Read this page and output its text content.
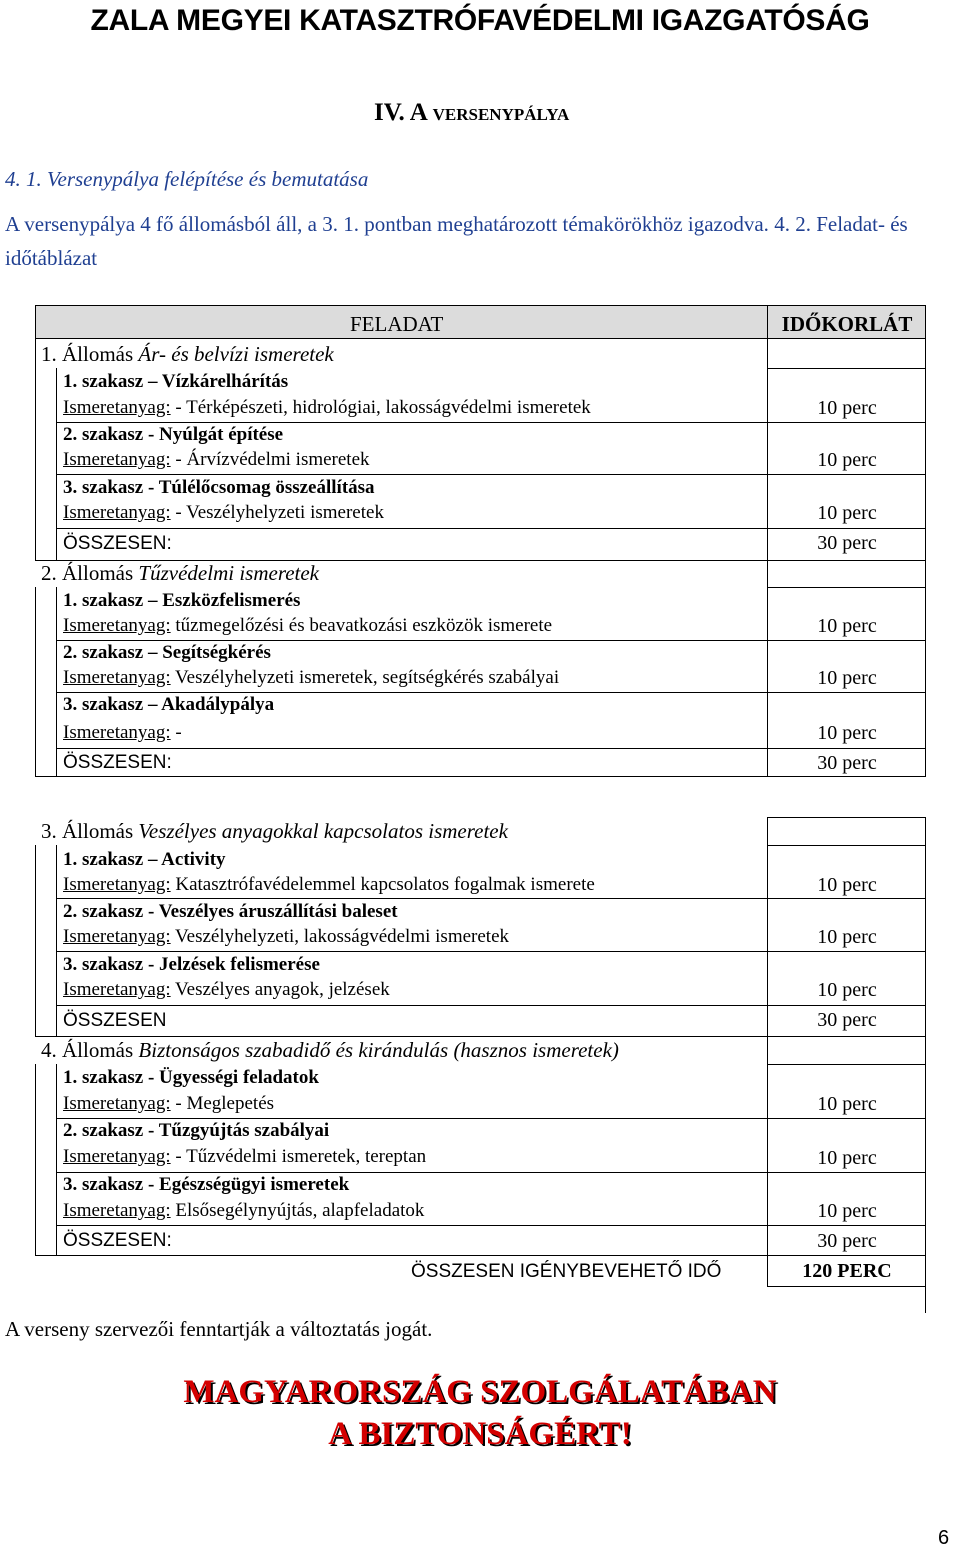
ZALA MEGYEI KATASZTRÓFAVÉDELMI IGAZGATÓSÁG
IV. A VERSENYPÁLYA
4. 1. Versenypálya felépítése és bemutatása
A versenypálya 4 fő állomásból áll, a 3. 1. pontban meghatározott témakörökhöz igazodva. 4. 2. Feladat- és időtáblázat
FELADAT	IDŐKORLÁT
1. Állomás Ár- és belvízi ismeretek
1. szakasz – Vízkárelhárítás
Ismeretanyag: - Térképészeti, hidrológiai, lakosságvédelmi ismeretek	10 perc
2. szakasz - Nyúlgát építése
Ismeretanyag: - Árvízvédelmi ismeretek	10 perc
3. szakasz - Túlélőcsomag összeállítása
Ismeretanyag: - Veszélyhelyzeti ismeretek	10 perc
ÖSSZESEN:	30 perc
2. Állomás Tűzvédelmi ismeretek
1. szakasz – Eszközfelismerés
Ismeretanyag: tűzmegelőzési és beavatkozási eszközök ismerete	10 perc
2. szakasz – Segítségkérés
Ismeretanyag: Veszélyhelyzeti ismeretek, segítségkérés szabályai	10 perc
3. szakasz – Akadálypálya
Ismeretanyag: -	10 perc
ÖSSZESEN:	30 perc
3. Állomás Veszélyes anyagokkal kapcsolatos ismeretek
1. szakasz – Activity
Ismeretanyag: Katasztrófavédelemmel kapcsolatos fogalmak ismerete	10 perc
2. szakasz - Veszélyes áruszállítási baleset
Ismeretanyag: Veszélyhelyzeti, lakosságvédelmi ismeretek	10 perc
3. szakasz - Jelzések felismerése
Ismeretanyag: Veszélyes anyagok, jelzések	10 perc
ÖSSZESEN	30 perc
4. Állomás Biztonságos szabadidő és kirándulás (hasznos ismeretek)
1. szakasz - Ügyességi feladatok
Ismeretanyag: - Meglepetés	10 perc
2. szakasz - Tűzgyújtás szabályai
Ismeretanyag: - Tűzvédelmi ismeretek, tereptan	10 perc
3. szakasz - Egészségügyi ismeretek
Ismeretanyag: Elsősegélynyújtás, alapfeladatok	10 perc
ÖSSZESEN:	30 perc
ÖSSZESEN IGÉNYBEVEHETŐ IDŐ	120 PERC
A verseny szervezői fenntartják a változtatás jogát.
MAGYARORSZÁG SZOLGÁLATÁBAN
A BIZTONSÁGÉRT!
6
